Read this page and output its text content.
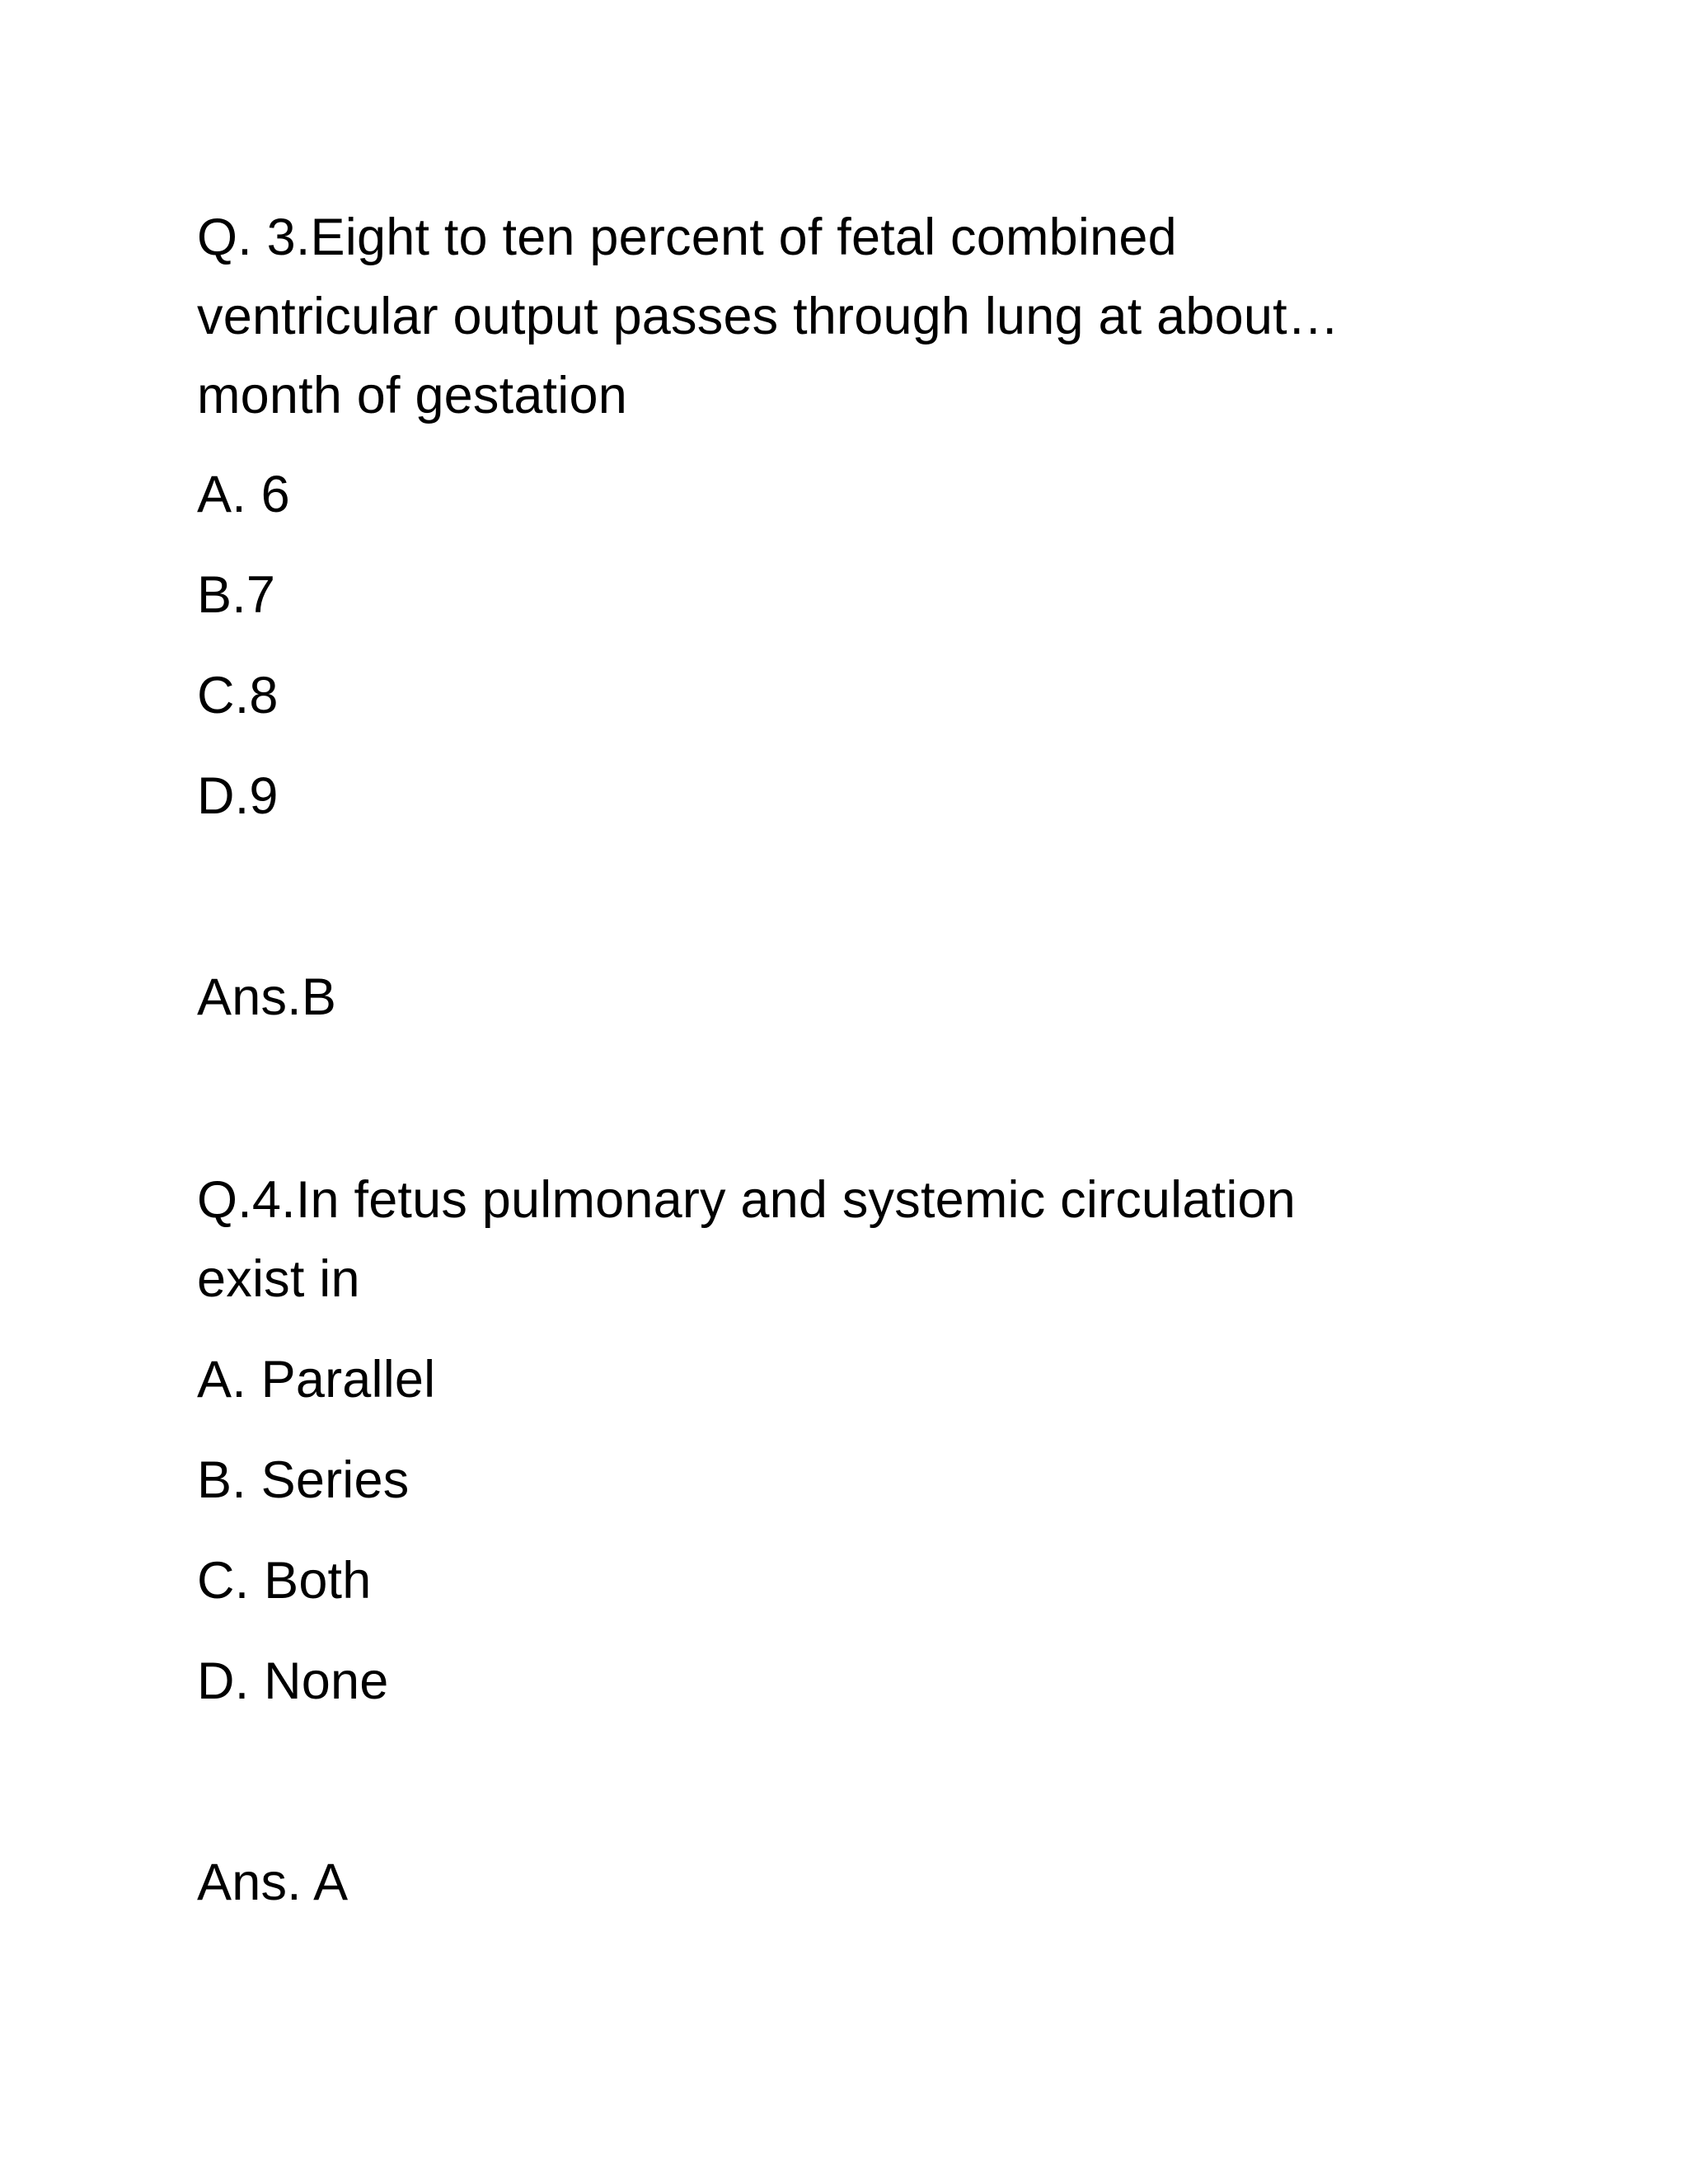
Q. 3.Eight to ten percent of fetal combined
ventricular output passes through lung at about…
month of gestation
A. 6
B.7
C.8
D.9
Ans.B
Q.4.In fetus pulmonary and systemic circulation
exist in
A. Parallel
B. Series
C. Both
D. None
Ans. A
